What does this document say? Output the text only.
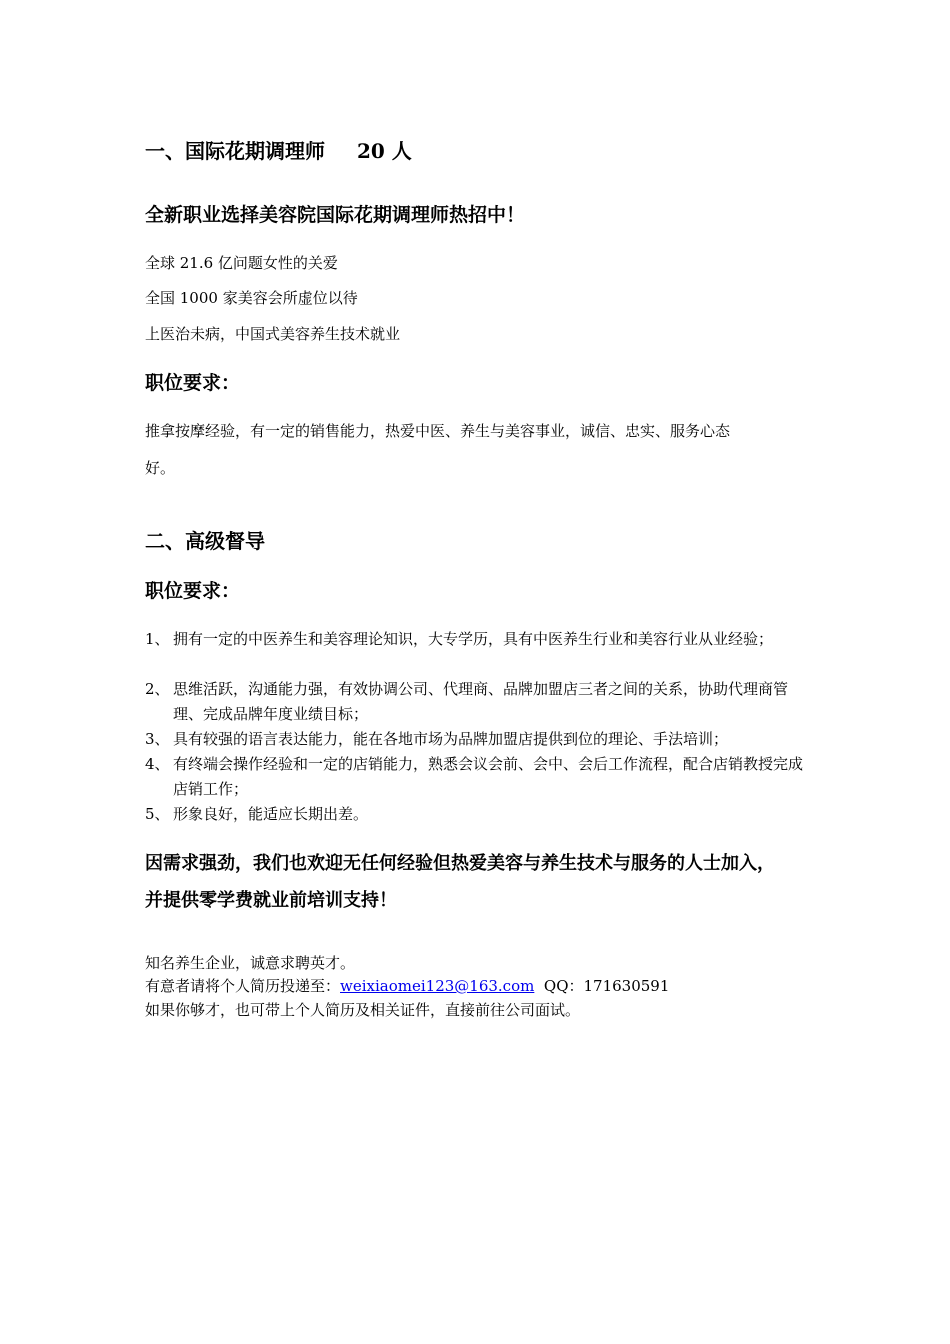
一、国际花期调理师 20 人
全新职业选择美容院国际花期调理师热招中！
全球 21.6 亿问题女性的关爱
全国 1000 家美容会所虚位以待
上医治未病，中国式美容养生技术就业
职位要求：
推拿按摩经验，有一定的销售能力，热爱中医、养生与美容事业，诚信、忠实、服务心态
好。
二、高级督导
职位要求：
1、 拥有一定的中医养生和美容理论知识，大专学历，具有中医养生行业和美容行业从业经验；
2、 思维活跃，沟通能力强，有效协调公司、代理商、品牌加盟店三者之间的关系，协助代理商管理、完成品牌年度业绩目标；
3、 具有较强的语言表达能力，能在各地市场为品牌加盟店提供到位的理论、手法培训；
4、 有终端会操作经验和一定的店销能力，熟悉会议会前、会中、会后工作流程，配合店销教授完成店销工作；
5、 形象良好，能适应长期出差。
因需求强劲，我们也欢迎无任何经验但热爱美容与养生技术与服务的人士加入，
并提供零学费就业前培训支持！
知名养生企业，诚意求聘英才。
有意者请将个人简历投递至：weixiaomei123@163.com QQ：171630591
如果你够才，也可带上个人简历及相关证件，直接前往公司面试。
